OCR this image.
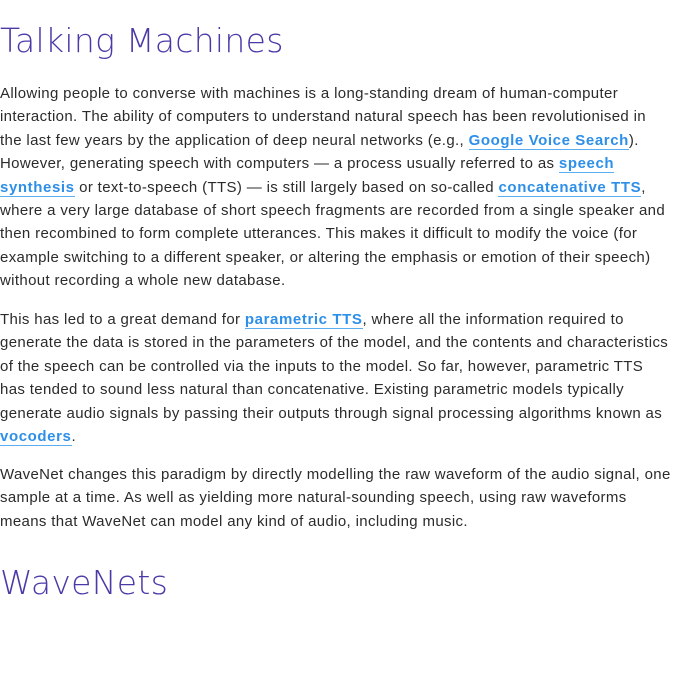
Talking Machines

Allowing people to converse with machines is a long-standing dream of human-computer interaction. The ability of computers to understand natural speech has been revolutionised in the last few years by the application of deep neural networks (e.g., Google Voice Search). However, generating speech with computers — a process usually referred to as speech synthesis or text-to-speech (TTS) — is still largely based on so-called concatenative TTS, where a very large database of short speech fragments are recorded from a single speaker and then recombined to form complete utterances. This makes it difficult to modify the voice (for example switching to a different speaker, or altering the emphasis or emotion of their speech) without recording a whole new database.

This has led to a great demand for parametric TTS, where all the information required to generate the data is stored in the parameters of the model, and the contents and characteristics of the speech can be controlled via the inputs to the model. So far, however, parametric TTS has tended to sound less natural than concatenative. Existing parametric models typically generate audio signals by passing their outputs through signal processing algorithms known as vocoders.

WaveNet changes this paradigm by directly modelling the raw waveform of the audio signal, one sample at a time. As well as yielding more natural-sounding speech, using raw waveforms means that WaveNet can model any kind of audio, including music.

WaveNets
